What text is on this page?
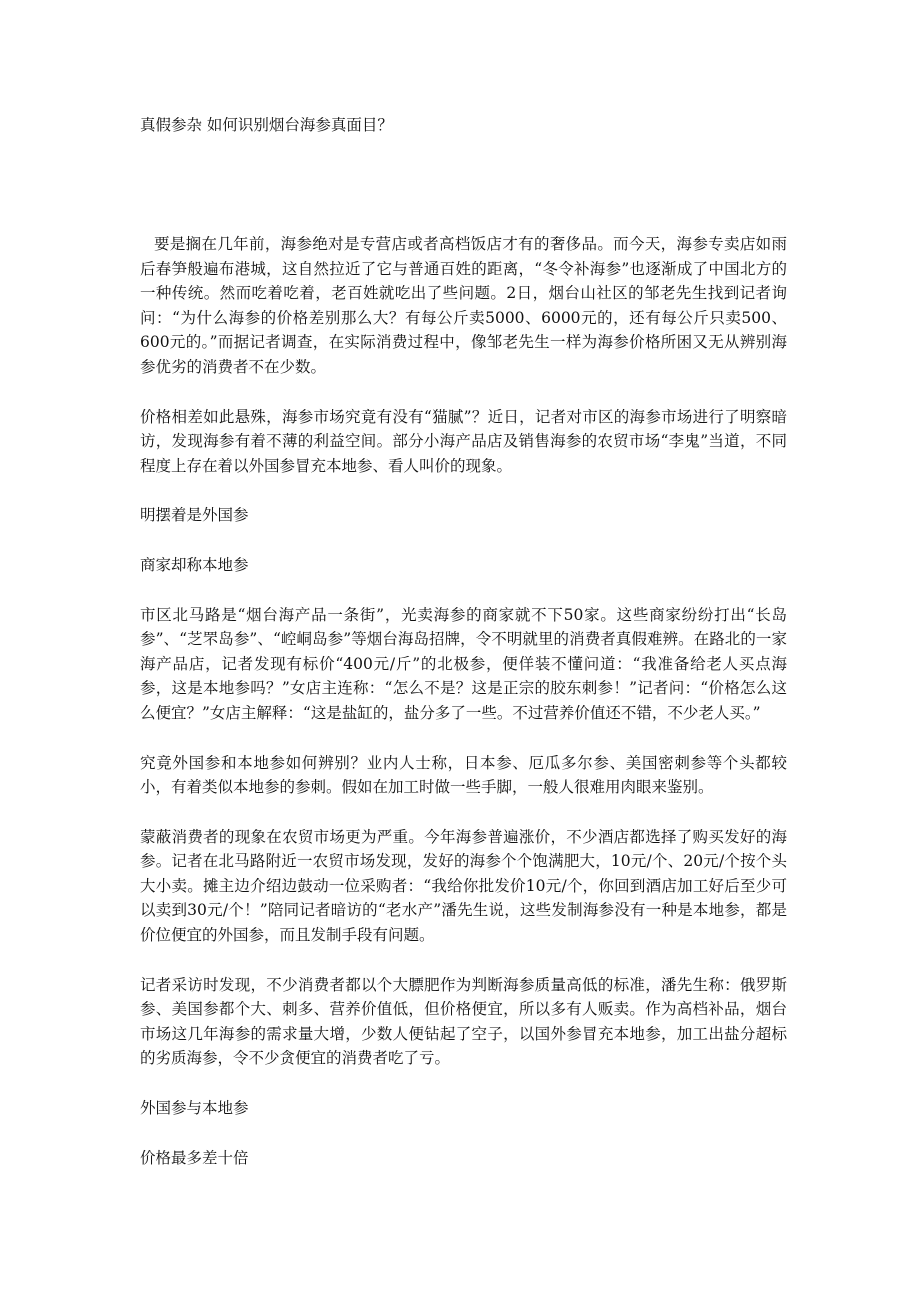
真假参杂 如何识别烟台海参真面目？

要是搁在几年前，海参绝对是专营店或者高档饭店才有的奢侈品。而今天，海参专卖店如雨后春笋般遍布港城，这自然拉近了它与普通百姓的距离，“冬令补海参”也逐渐成了中国北方的一种传统。然而吃着吃着，老百姓就吃出了些问题。2日，烟台山社区的邹老先生找到记者询问：“为什么海参的价格差别那么大？有每公斤卖5000、6000元的，还有每公斤只卖500、600元的。”而据记者调查，在实际消费过程中，像邹老先生一样为海参价格所困又无从辨别海参优劣的消费者不在少数。

价格相差如此悬殊，海参市场究竟有没有“猫腻”？近日，记者对市区的海参市场进行了明察暗访，发现海参有着不薄的利益空间。部分小海产品店及销售海参的农贸市场“李鬼”当道，不同程度上存在着以外国参冒充本地参、看人叫价的现象。

明摆着是外国参

商家却称本地参

市区北马路是“烟台海产品一条街”，光卖海参的商家就不下50家。这些商家纷纷打出“长岛参”、“芝罘岛参”、“崆峒岛参”等烟台海岛招牌，令不明就里的消费者真假难辨。在路北的一家海产品店，记者发现有标价“400元/斤”的北极参，便佯装不懂问道：“我准备给老人买点海参，这是本地参吗？”女店主连称：“怎么不是？这是正宗的胶东刺参！”记者问：“价格怎么这么便宜？”女店主解释：“这是盐缸的，盐分多了一些。不过营养价值还不错，不少老人买。”

究竟外国参和本地参如何辨别？业内人士称，日本参、厄瓜多尔参、美国密刺参等个头都较小，有着类似本地参的参刺。假如在加工时做一些手脚，一般人很难用肉眼来鉴别。

蒙蔽消费者的现象在农贸市场更为严重。今年海参普遍涨价，不少酒店都选择了购买发好的海参。记者在北马路附近一农贸市场发现，发好的海参个个饱满肥大，10元/个、20元/个按个头大小卖。摊主边介绍边鼓动一位采购者：“我给你批发价10元/个，你回到酒店加工好后至少可以卖到30元/个！”陪同记者暗访的“老水产”潘先生说，这些发制海参没有一种是本地参，都是价位便宜的外国参，而且发制手段有问题。

记者采访时发现，不少消费者都以个大膘肥作为判断海参质量高低的标准，潘先生称：俄罗斯参、美国参都个大、刺多、营养价值低，但价格便宜，所以多有人贩卖。作为高档补品，烟台市场这几年海参的需求量大增，少数人便钻起了空子，以国外参冒充本地参，加工出盐分超标的劣质海参，令不少贪便宜的消费者吃了亏。

外国参与本地参

价格最多差十倍
